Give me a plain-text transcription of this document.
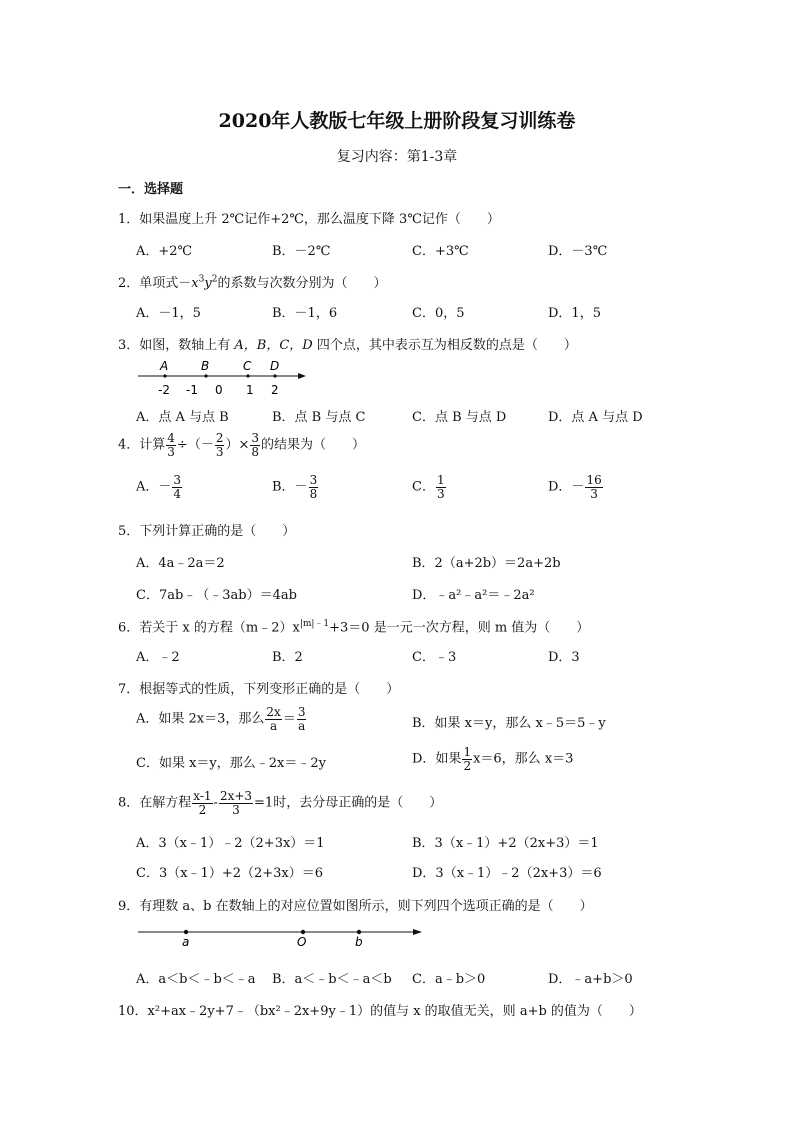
2020年人教版七年级上册阶段复习训练卷
复习内容：第1-3章
一．选择题
1．如果温度上升 2℃记作+2℃，那么温度下降 3℃记作（　　）
A．+2℃	B．－2℃	C．+3℃	D．－3℃
2．单项式$-x^3y^2$的系数与次数分别为（　　）
A．－1，5	B．－1，6	C．0，5	D．1，5
3．如图，数轴上有 A，B，C，D 四个点，其中表示互为相反数的点是（　　）
A	B	C D
-2 -1 0 1 2
A．点 A 与点 B	B．点 B 与点 C	C．点 B 与点 D	D．点 A 与点 D
4．计算 $\frac{4}{3}$ ÷（－ $\frac{2}{3}$ ）× $\frac{3}{8}$ 的结果为（　　）
A．－ $\frac{3}{4}$	B．－ $\frac{3}{8}$	C． $\frac{1}{3}$	D．－ $\frac{16}{3}$
5．下列计算正确的是（　　）
A．4a﹣2a＝2	B．2（a+2b）＝2a+2b
C．7ab﹣（﹣3ab）＝4ab	D．﹣a²﹣a²＝﹣2a²
6．若关于 x 的方程$(m﹣2)x^{|m|﹣1}+3=0$ 是一元一次方程，则 m 值为（　　）
A．﹣2	B．2	C．﹣3	D．3
7．根据等式的性质，下列变形正确的是（　　）
A．如果 2x＝3，那么 $\frac{2x}{a} = \frac{3}{a}$	B．如果 x＝y，那么 x﹣5＝5﹣y
C．如果 x＝y，那么﹣2x＝﹣2y	D．如果 $\frac{1}{2} x=6$，那么 x＝3
8．在解方程 $\frac{x-1}{2} - \frac{2x+3}{3} =1$时，去分母正确的是（　　）
A．3（x﹣1）﹣2（2+3x）＝1	B．3（x﹣1）+2（2x+3）＝1
C．3（x﹣1）+2（2+3x）＝6	D．3（x﹣1）﹣2（2x+3）＝6
9．有理数 a、b 在数轴上的对应位置如图所示，则下列四个选项正确的是（　　）
a	O	b
A．a＜b＜﹣b＜﹣a B．a＜﹣b＜﹣a＜b C．a﹣b＞0	D．﹣a+b＞0
10．x²+ax﹣2y+7﹣（bx²﹣2x+9y﹣1）的值与 x 的取值无关，则 a+b 的值为（　　）
